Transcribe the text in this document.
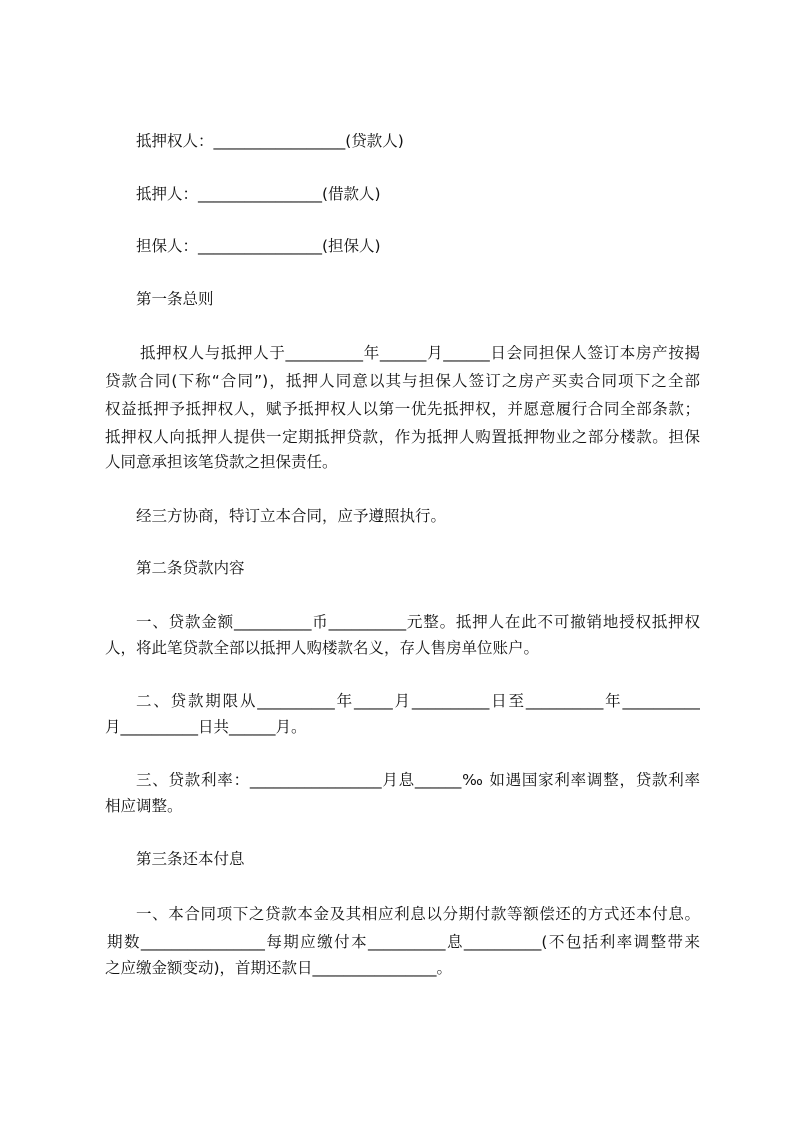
抵押权人：_________________(贷款人)
抵押人：________________(借款人)
担保人：________________(担保人)
第一条总则
抵押权人与抵押人于__________年______月______日会同担保人签订本房产按揭
贷款合同(下称“合同”)，抵押人同意以其与担保人签订之房产买卖合同项下之全部
权益抵押予抵押权人，赋予抵押权人以第一优先抵押权，并愿意履行合同全部条款；
抵押权人向抵押人提供一定期抵押贷款，作为抵押人购置抵押物业之部分楼款。担保
人同意承担该笔贷款之担保责任。
经三方协商，特订立本合同，应予遵照执行。
第二条贷款内容
一、贷款金额__________币__________元整。抵押人在此不可撤销地授权抵押权
人，将此笔贷款全部以抵押人购楼款名义，存人售房单位账户。
二、贷款期限从__________年_____月__________日至__________年__________
月__________日共______月。
三、贷款利率：_________________月息______‰ 如遇国家利率调整，贷款利率
相应调整。
第三条还本付息
一、本合同项下之贷款本金及其相应利息以分期付款等额偿还的方式还本付息。
期数________________每期应缴付本__________息__________(不包括利率调整带来
之应缴金额变动)，首期还款日________________。
